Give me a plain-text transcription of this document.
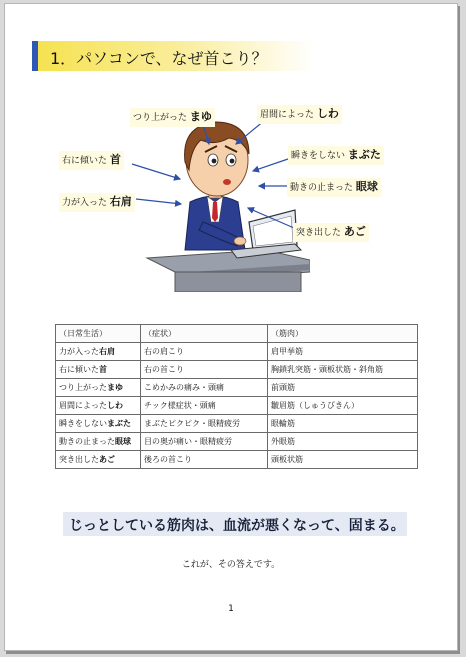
1．パソコンで、なぜ首こり？
つり上がった まゆ	眉間によった しわ
右に傾いた 首	瞬きをしない まぶた
動きの止まった 眼球
力が入った 右肩
突き出した あご
（日常生活）	（症状）	（筋肉）
力が入った右肩	右の肩こり	肩甲挙筋
右に傾いた首	右の首こり	胸鎖乳突筋・頭板状筋・斜角筋
つり上がったまゆ	こめかみの痛み・頭痛	前頭筋
眉間によったしわ	チック様症状・頭痛	皺眉筋（しゅうびきん）
瞬きをしないまぶた	まぶたピクピク・眼精疲労	眼輪筋
動きの止まった眼球	目の奥が痛い・眼精疲労	外眼筋
突き出したあご	後ろの首こり	頭板状筋
じっとしている筋肉は、血流が悪くなって、固まる。
これが、その答えです。
1
